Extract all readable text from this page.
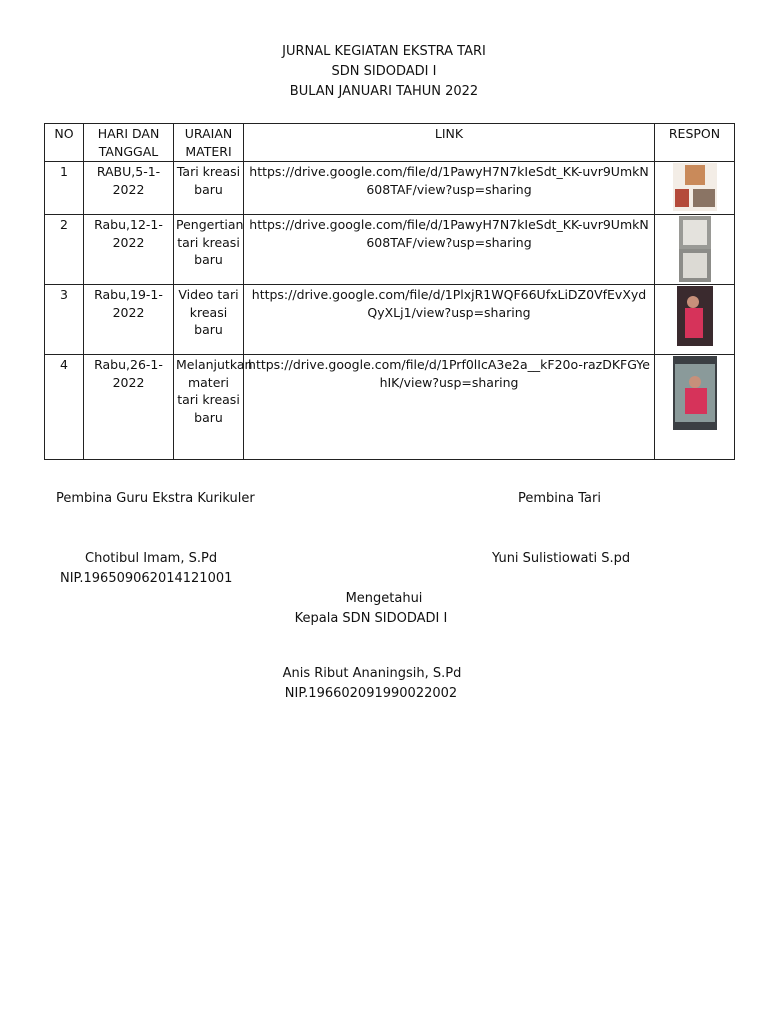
JURNAL KEGIATAN EKSTRA TARI
SDN SIDODADI I
BULAN JANUARI TAHUN 2022
NO	HARI DAN TANGGAL	URAIAN MATERI	LINK	RESPON
1	RABU,5-1-2022	Tari kreasi baru	https://drive.google.com/file/d/1PawyH7N7kIeSdt_KK-uvr9UmkN608TAF/view?usp=sharing	

2	Rabu,12-1-2022	Pengertian tari kreasi baru	https://drive.google.com/file/d/1PawyH7N7kIeSdt_KK-uvr9UmkN608TAF/view?usp=sharing	

3	Rabu,19-1-2022	Video tari kreasi baru	https://drive.google.com/file/d/1PlxjR1WQF66UfxLiDZ0VfEvXydQyXLj1/view?usp=sharing	

4	Rabu,26-1-2022	Melanjutkan materi tari kreasi baru	https://drive.google.com/file/d/1Prf0lIcA3e2a__kF20o-razDKFGYehIK/view?usp=sharing	
Pembina Guru Ekstra Kurikuler	Pembina Tari
Chotibul Imam, S.Pd
NIP.196509062014121001
Yuni Sulistiowati S.pd
Mengetahui
Kepala SDN SIDODADI I
Anis Ribut Ananingsih, S.Pd
NIP.196602091990022002
